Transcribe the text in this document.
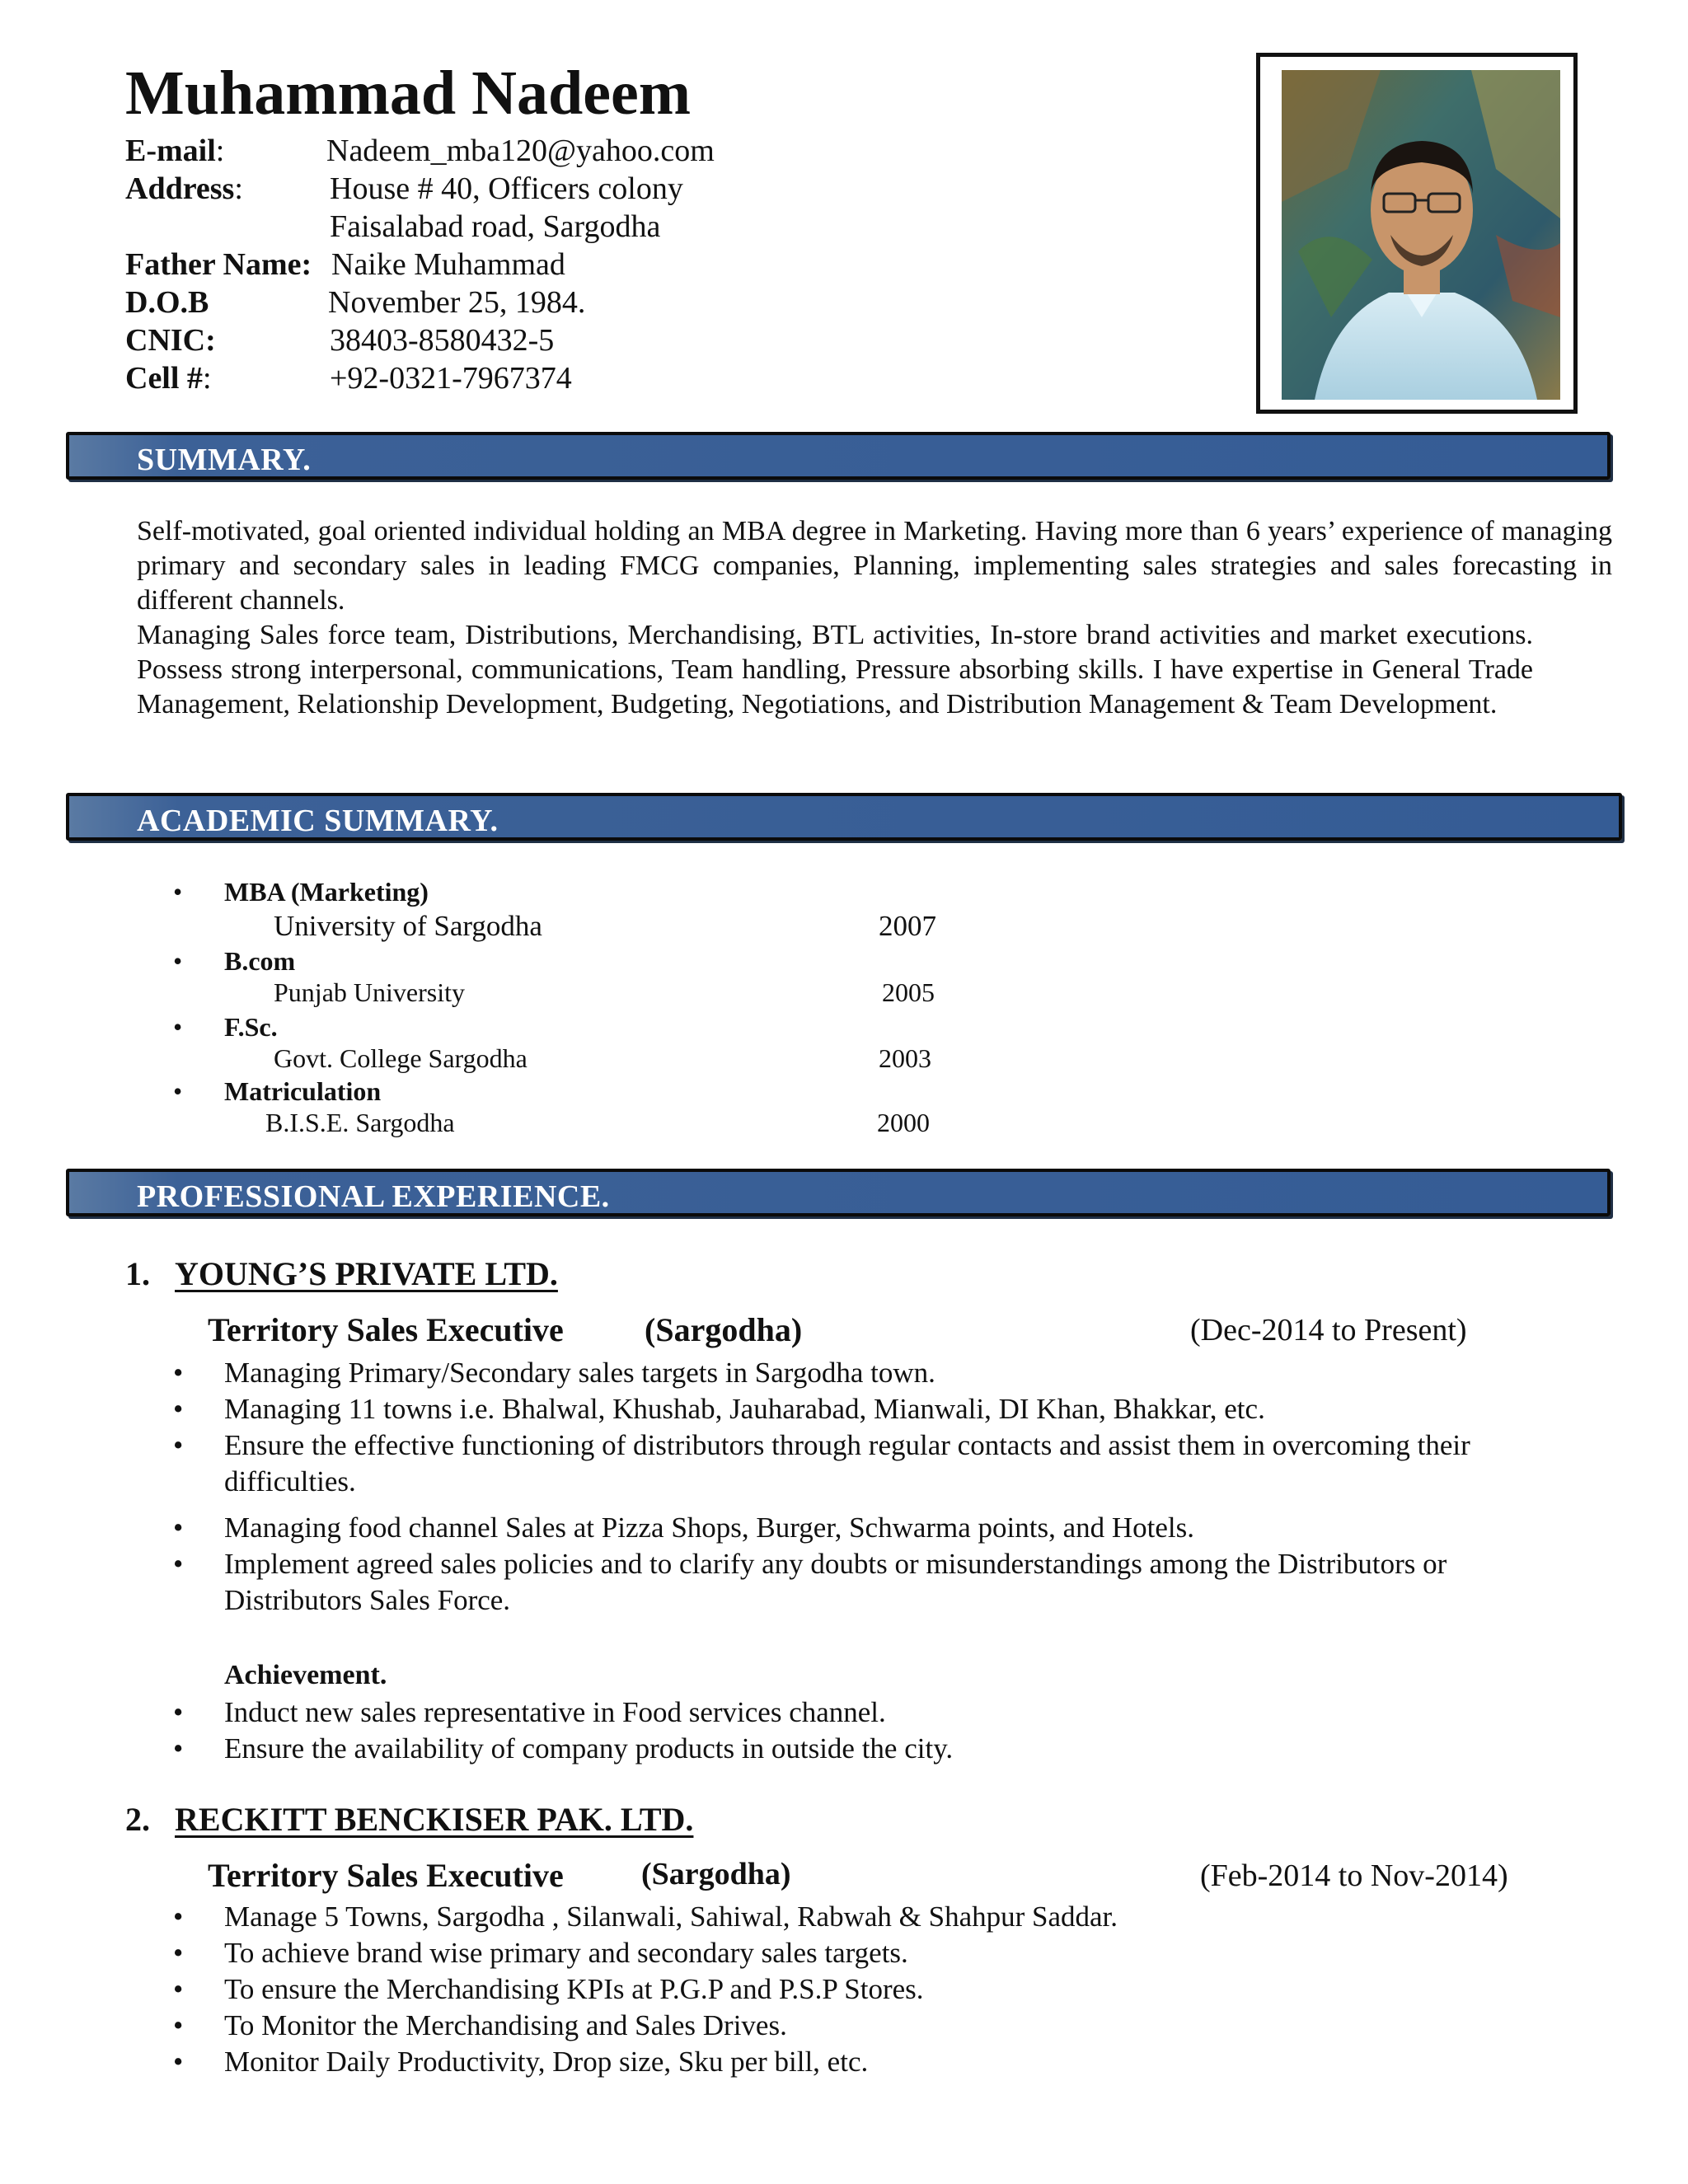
Muhammad Nadeem
E-mail:	Nadeem_mba120@yahoo.com
Address:	House # 40, Officers colony
Faisalabad road, Sargodha
Father Name: Naike Muhammad
D.O.B	November 25, 1984.
CNIC:	38403-8580432-5
Cell #:	+92-0321-7967374
SUMMARY.
Self-motivated, goal oriented individual holding an MBA degree in Marketing. Having more than 6 years’ experience of managing primary and secondary sales in leading FMCG companies, Planning, implementing sales strategies and sales forecasting in different channels.
Managing Sales force team, Distributions, Merchandising, BTL activities, In-store brand activities and market executions. Possess strong interpersonal, communications, Team handling, Pressure absorbing skills. I have expertise in General Trade Management, Relationship Development, Budgeting, Negotiations, and Distribution Management & Team Development.
ACADEMIC SUMMARY.
• MBA (Marketing)
University of Sargodha	2007
• B.com
Punjab University	2005
• F.Sc.
Govt. College Sargodha	2003
• Matriculation
B.I.S.E. Sargodha	2000
PROFESSIONAL EXPERIENCE.
1. YOUNG’S PRIVATE LTD.
Territory Sales Executive (Sargodha)	(Dec-2014 to Present)
• Managing Primary/Secondary sales targets in Sargodha town.
• Managing 11 towns i.e. Bhalwal, Khushab, Jauharabad, Mianwali, DI Khan, Bhakkar, etc.
• Ensure the effective functioning of distributors through regular contacts and assist them in overcoming their difficulties.
• Managing food channel Sales at Pizza Shops, Burger, Schwarma points, and Hotels.
• Implement agreed sales policies and to clarify any doubts or misunderstandings among the Distributors or Distributors Sales Force.
Achievement.
• Induct new sales representative in Food services channel.
• Ensure the availability of company products in outside the city.
2. RECKITT BENCKISER PAK. LTD.
Territory Sales Executive (Sargodha)	(Feb-2014 to Nov-2014)
• Manage 5 Towns, Sargodha , Silanwali, Sahiwal, Rabwah & Shahpur Saddar.
• To achieve brand wise primary and secondary sales targets.
• To ensure the Merchandising KPIs at P.G.P and P.S.P Stores.
• To Monitor the Merchandising and Sales Drives.
• Monitor Daily Productivity, Drop size, Sku per bill, etc.
